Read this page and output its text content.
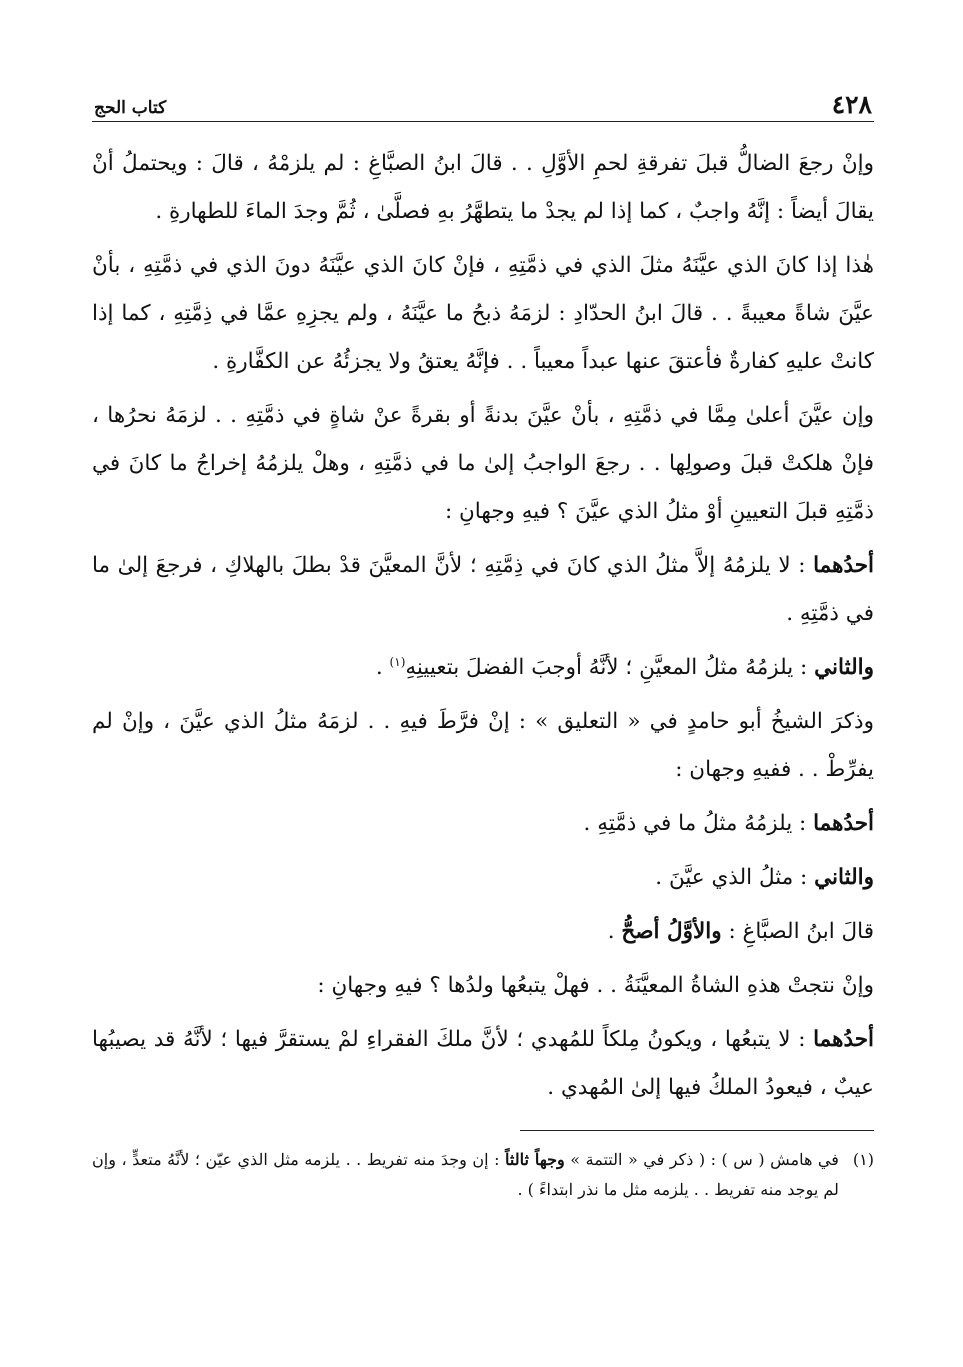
٤٢٨
كتاب الحج

وإنْ رجعَ الضالُّ قبلَ تفرقةِ لحمِ الأوَّلِ . . قالَ ابنُ الصبَّاغِ : لم يلزمْهُ ، قالَ : ويحتملُ أنْ يقالَ أيضاً : إنَّهُ واجبٌ ، كما إذا لم يجدْ ما يتطهَّرُ بهِ فصلَّىٰ ، ثُمَّ وجدَ الماءَ للطهارةِ .

هٰذا إذا كانَ الذي عيَّنَهُ مثلَ الذي في ذمَّتِهِ ، فإنْ كانَ الذي عيَّنَهُ دونَ الذي في ذمَّتِهِ ، بأنْ عيَّنَ شاةً معيبةً . . قالَ ابنُ الحدّادِ : لزمَهُ ذبحُ ما عيَّنَهُ ، ولم يجزِهِ عمَّا في ذِمَّتِهِ ، كما إذا كانتْ عليهِ كفارةٌ فأعتقَ عنها عبداً معيباً . . فإنَّهُ يعتقُ ولا يجزئُهُ عن الكفَّارةِ .

وإن عيَّنَ أعلىٰ مِمَّا في ذمَّتِهِ ، بأنْ عيَّنَ بدنةً أو بقرةً عنْ شاةٍ في ذمَّتِهِ . . لزمَهُ نحرُها ، فإنْ هلكتْ قبلَ وصولِها . . رجعَ الواجبُ إلىٰ ما في ذمَّتِهِ ، وهلْ يلزمُهُ إخراجُ ما كانَ في ذمَّتِهِ قبلَ التعيينِ أوْ مثلُ الذي عيَّنَ ؟ فيهِ وجهانِ :

أحدُهما : لا يلزمُهُ إلاَّ مثلُ الذي كانَ في ذِمَّتِهِ ؛ لأنَّ المعيَّنَ قدْ بطلَ بالهلاكِ ، فرجعَ إلىٰ ما في ذمَّتِهِ .

والثاني : يلزمُهُ مثلُ المعيَّنِ ؛ لأنَّهُ أوجبَ الفضلَ بتعيينِهِ$^{(١)}$ .

وذكرَ الشيخُ أبو حامدٍ في « التعليق » : إنْ فرَّطَ فيهِ . . لزمَهُ مثلُ الذي عيَّنَ ، وإنْ لم يفرِّطْ . . ففيهِ وجهان :

أحدُهما : يلزمُهُ مثلُ ما في ذمَّتِهِ .

والثاني : مثلُ الذي عيَّنَ .

قالَ ابنُ الصبَّاغِ : والأوَّلُ أصحُّ .

وإنْ نتجتْ هذهِ الشاةُ المعيَّنَةُ . . فهلْ يتبعُها ولدُها ؟ فيهِ وجهانِ :

أحدُهما : لا يتبعُها ، ويكونُ مِلكاً للمُهدي ؛ لأنَّ ملكَ الفقراءِ لمْ يستقرَّ فيها ؛ لأنَّهُ قد يصيبُها عيبٌ ، فيعودُ الملكُ فيها إلىٰ المُهدي .

(١)
في هامش ( س ) : ( ذكر في « التتمة » وجهاً ثالثاً : إن وجدَ منه تفريط . . يلزمه مثل الذي عيّن ؛ لأنَّهُ متعدٍّ ، وإن لم يوجد منه تفريط . . يلزمه مثل ما نذر ابتداءً ) .
